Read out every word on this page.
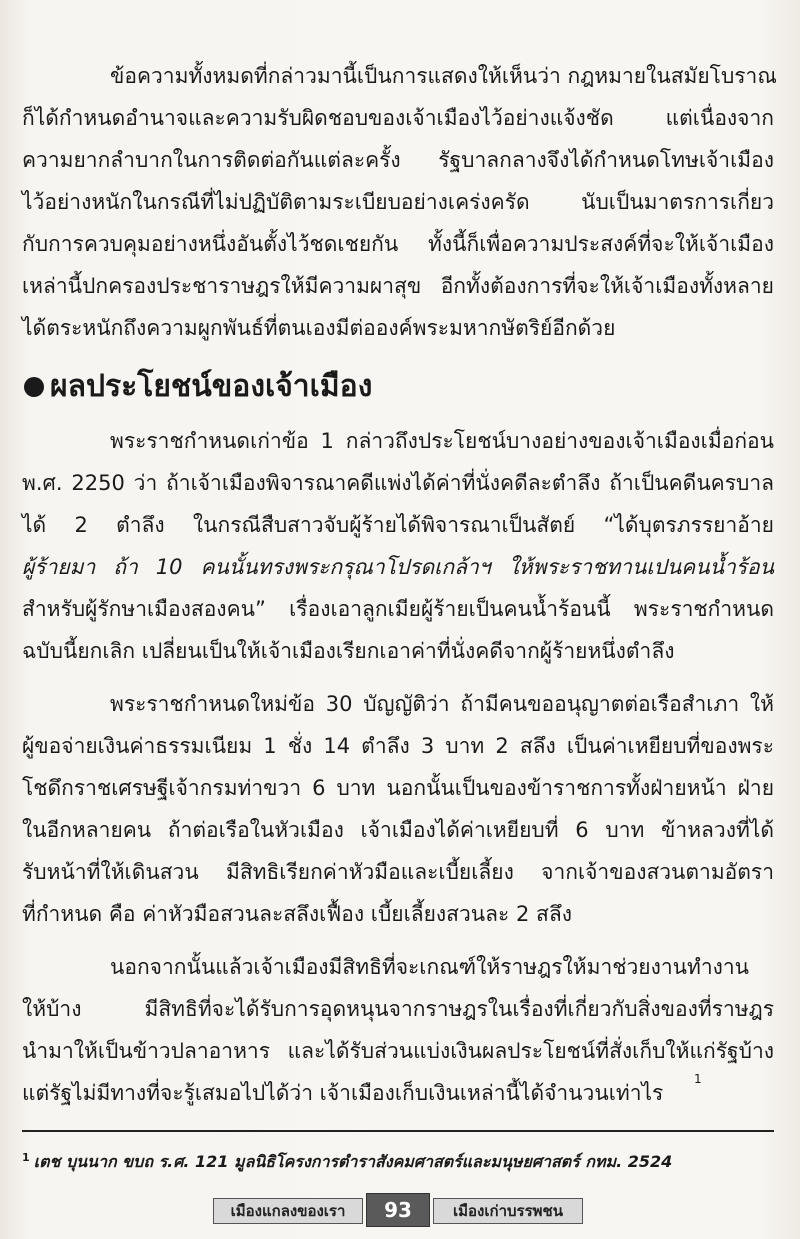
ข้อความทั้งหมดที่กล่าวมานี้เป็นการแสดงให้เห็นว่า กฎหมายในสมัยโบราณ
ก็ได้กำหนดอำนาจและความรับผิดชอบของเจ้าเมืองไว้อย่างแจ้งชัด แต่เนื่องจาก
ความยากลำบากในการติดต่อกันแต่ละครั้ง รัฐบาลกลางจึงได้กำหนดโทษเจ้าเมือง
ไว้อย่างหนักในกรณีที่ไม่ปฏิบัติตามระเบียบอย่างเคร่งครัด นับเป็นมาตรการเกี่ยว
กับการควบคุมอย่างหนึ่งอันตั้งไว้ชดเชยกัน ทั้งนี้ก็เพื่อความประสงค์ที่จะให้เจ้าเมือง
เหล่านี้ปกครองประชาราษฎรให้มีความผาสุข อีกทั้งต้องการที่จะให้เจ้าเมืองทั้งหลาย
ได้ตระหนักถึงความผูกพันธ์ที่ตนเองมีต่อองค์พระมหากษัตริย์อีกด้วย
ผลประโยชน์ของเจ้าเมือง
พระราชกำหนดเก่าข้อ 1 กล่าวถึงประโยชน์บางอย่างของเจ้าเมืองเมื่อก่อน
พ.ศ. 2250 ว่า ถ้าเจ้าเมืองพิจารณาคดีแพ่งได้ค่าที่นั่งคดีละตำลึง ถ้าเป็นคดีนครบาล
ได้ 2 ตำลึง ในกรณีสืบสาวจับผู้ร้ายได้พิจารณาเป็นสัตย์ “ได้บุตรภรรยาอ้าย
ผู้ร้ายมา ถ้า 10 คนนั้นทรงพระกรุณาโปรดเกล้าฯ ให้พระราชทานเปนคนน้ำร้อน
สำหรับผู้รักษาเมืองสองคน” เรื่องเอาลูกเมียผู้ร้ายเป็นคนน้ำร้อนนี้ พระราชกำหนด
ฉบับนี้ยกเลิก เปลี่ยนเป็นให้เจ้าเมืองเรียกเอาค่าที่นั่งคดีจากผู้ร้ายหนึ่งตำลึง
พระราชกำหนดใหม่ข้อ 30 บัญญัติว่า ถ้ามีคนขออนุญาตต่อเรือสำเภา ให้
ผู้ขอจ่ายเงินค่าธรรมเนียม 1 ชั่ง 14 ตำลึง 3 บาท 2 สลึง เป็นค่าเหยียบที่ของพระ
โชดึกราชเศรษฐีเจ้ากรมท่าขวา 6 บาท นอกนั้นเป็นของข้าราชการทั้งฝ่ายหน้า ฝ่าย
ในอีกหลายคน ถ้าต่อเรือในหัวเมือง เจ้าเมืองได้ค่าเหยียบที่ 6 บาท ข้าหลวงที่ได้
รับหน้าที่ให้เดินสวน มีสิทธิเรียกค่าหัวมือและเบี้ยเลี้ยง จากเจ้าของสวนตามอัตรา
ที่กำหนด คือ ค่าหัวมือสวนละสลึงเฟื้อง เบี้ยเลี้ยงสวนละ 2 สลึง
นอกจากนั้นแล้วเจ้าเมืองมีสิทธิที่จะเกณฑ์ให้ราษฎรให้มาช่วยงานทำงาน
ให้บ้าง มีสิทธิที่จะได้รับการอุดหนุนจากราษฎรในเรื่องที่เกี่ยวกับสิ่งของที่ราษฎร
นำมาให้เป็นข้าวปลาอาหาร และได้รับส่วนแบ่งเงินผลประโยชน์ที่สั่งเก็บให้แก่รัฐบ้าง
แต่รัฐไม่มีทางที่จะรู้เสมอไปได้ว่า เจ้าเมืองเก็บเงินเหล่านี้ได้จำนวนเท่าไร
1
$^1$ เตช บุนนาก ขบถ ร.ศ. 121 มูลนิธิโครงการตำราสังคมศาสตร์และมนุษยศาสตร์ กทม. 2524
เมืองแกลงของเรา	93	เมืองเก่าบรรพชน
